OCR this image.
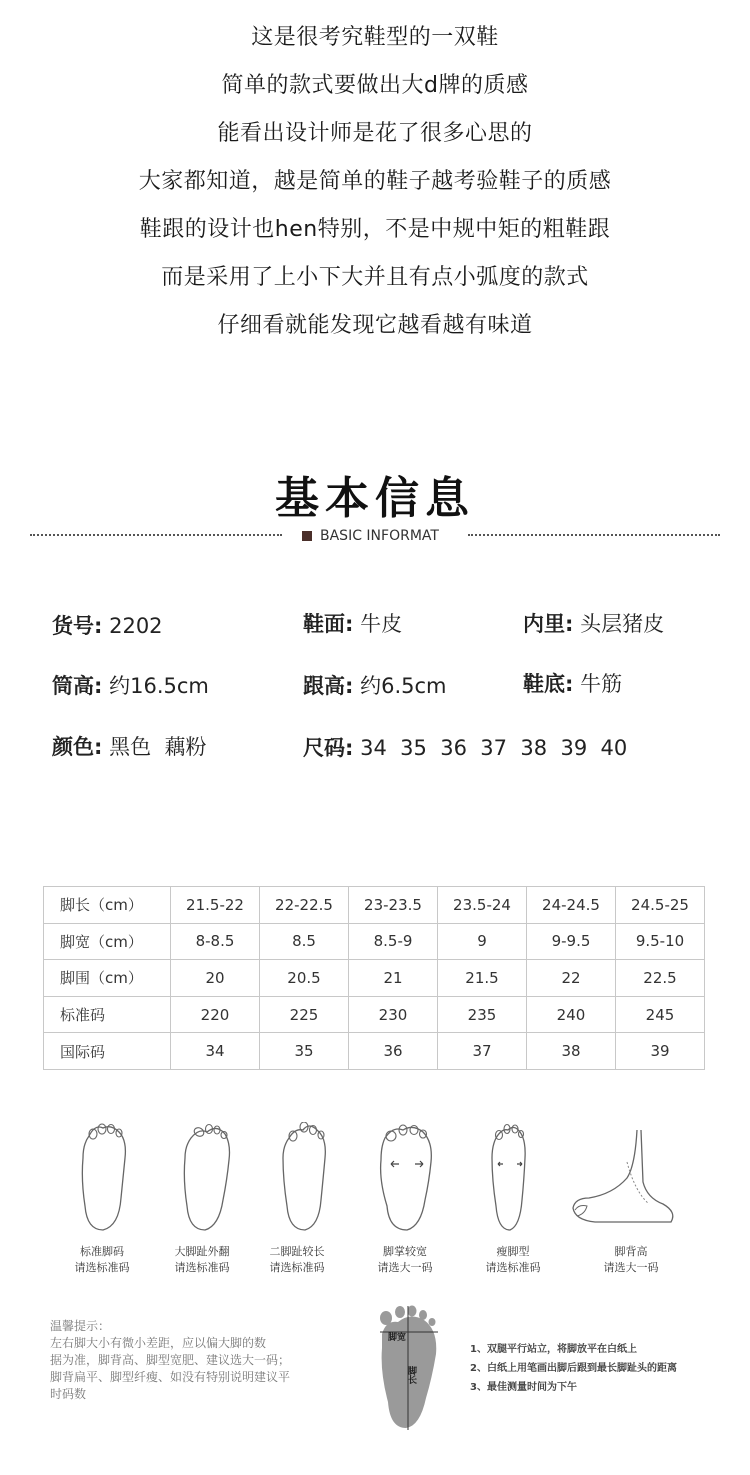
这是很考究鞋型的一双鞋
简单的款式要做出大d牌的质感
能看出设计师是花了很多心思的
大家都知道，越是简单的鞋子越考验鞋子的质感
鞋跟的设计也hen特别，不是中规中矩的粗鞋跟
而是采用了上小下大并且有点小弧度的款式
仔细看就能发现它越看越有味道
基本信息
BASIC INFORMAT
货号: 2202	鞋面: 牛皮	内里: 头层猪皮
筒高: 约16.5cm	跟高: 约6.5cm	鞋底: 牛筋
颜色: 黑色  藕粉	尺码: 34  35  36  37  38  39  40
脚长（cm）	21.5-22	22-22.5	23-23.5	23.5-24	24-24.5	24.5-25
脚宽（cm）	8-8.5	8.5	8.5-9	9	9-9.5	9.5-10
脚围（cm）	20	20.5	21	21.5	22	22.5
标准码	220	225	230	235	240	245
国际码	34	35	36	37	38	39
标准脚码
请选标准码
大脚趾外翻
请选标准码
二脚趾较长
请选标准码
脚掌较宽
请选大一码
瘦脚型
请选标准码
脚背高
请选大一码
温馨提示：
左右脚大小有微小差距，应以偏大脚的数
据为准，脚背高、脚型宽肥、建议选大一码；
脚背扁平、脚型纤瘦、如没有特别说明建议平
时码数
脚宽
脚长
1、双腿平行站立，将脚放平在白纸上
2、白纸上用笔画出脚后跟到最长脚趾头的距离
3、最佳测量时间为下午
